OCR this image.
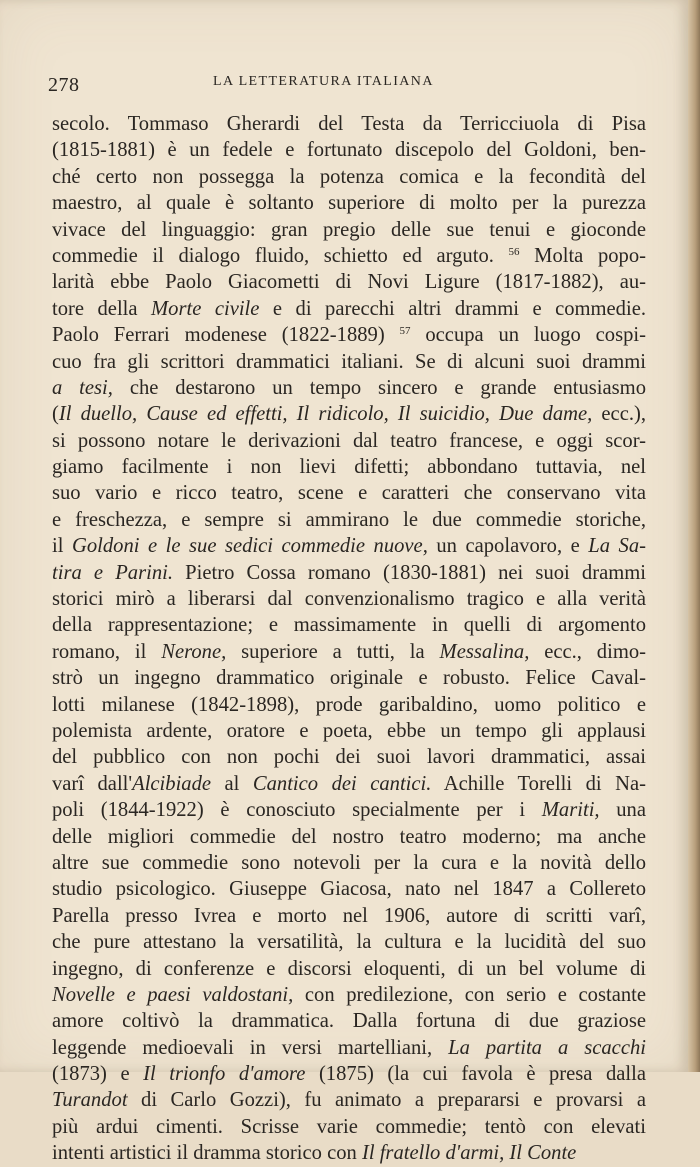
278	LA LETTERATURA ITALIANA
secolo. Tommaso Gherardi del Testa da Terricciuola di Pisa
(1815-1881) è un fedele e fortunato discepolo del Goldoni, ben-
ché certo non possegga la potenza comica e la fecondità del
maestro, al quale è soltanto superiore di molto per la purezza
vivace del linguaggio: gran pregio delle sue tenui e gioconde
commedie il dialogo fluido, schietto ed arguto. $^{56}$ Molta popo-
larità ebbe Paolo Giacometti di Novi Ligure (1817-1882), au-
tore della Morte civile e di parecchi altri drammi e commedie.
Paolo Ferrari modenese (1822-1889) $^{57}$ occupa un luogo cospi-
cuo fra gli scrittori drammatici italiani. Se di alcuni suoi drammi
a tesi, che destarono un tempo sincero e grande entusiasmo
(Il duello, Cause ed effetti, Il ridicolo, Il suicidio, Due dame, ecc.),
si possono notare le derivazioni dal teatro francese, e oggi scor-
giamo facilmente i non lievi difetti; abbondano tuttavia, nel
suo vario e ricco teatro, scene e caratteri che conservano vita
e freschezza, e sempre si ammirano le due commedie storiche,
il Goldoni e le sue sedici commedie nuove, un capolavoro, e La Sa-
tira e Parini. Pietro Cossa romano (1830-1881) nei suoi drammi
storici mirò a liberarsi dal convenzionalismo tragico e alla verità
della rappresentazione; e massimamente in quelli di argomento
romano, il Nerone, superiore a tutti, la Messalina, ecc., dimo-
strò un ingegno drammatico originale e robusto. Felice Caval-
lotti milanese (1842-1898), prode garibaldino, uomo politico e
polemista ardente, oratore e poeta, ebbe un tempo gli applausi
del pubblico con non pochi dei suoi lavori drammatici, assai
varî dall'Alcibiade al Cantico dei cantici. Achille Torelli di Na-
poli (1844-1922) è conosciuto specialmente per i Mariti, una
delle migliori commedie del nostro teatro moderno; ma anche
altre sue commedie sono notevoli per la cura e la novità dello
studio psicologico. Giuseppe Giacosa, nato nel 1847 a Collereto
Parella presso Ivrea e morto nel 1906, autore di scritti varî,
che pure attestano la versatilità, la cultura e la lucidità del suo
ingegno, di conferenze e discorsi eloquenti, di un bel volume di
Novelle e paesi valdostani, con predilezione, con serio e costante
amore coltivò la drammatica. Dalla fortuna di due graziose
leggende medioevali in versi martelliani, La partita a scacchi
(1873) e Il trionfo d'amore (1875) (la cui favola è presa dalla
Turandot di Carlo Gozzi), fu animato a prepararsi e provarsi a
più ardui cimenti. Scrisse varie commedie; tentò con elevati
intenti artistici il dramma storico con Il fratello d'armi, Il Conte
